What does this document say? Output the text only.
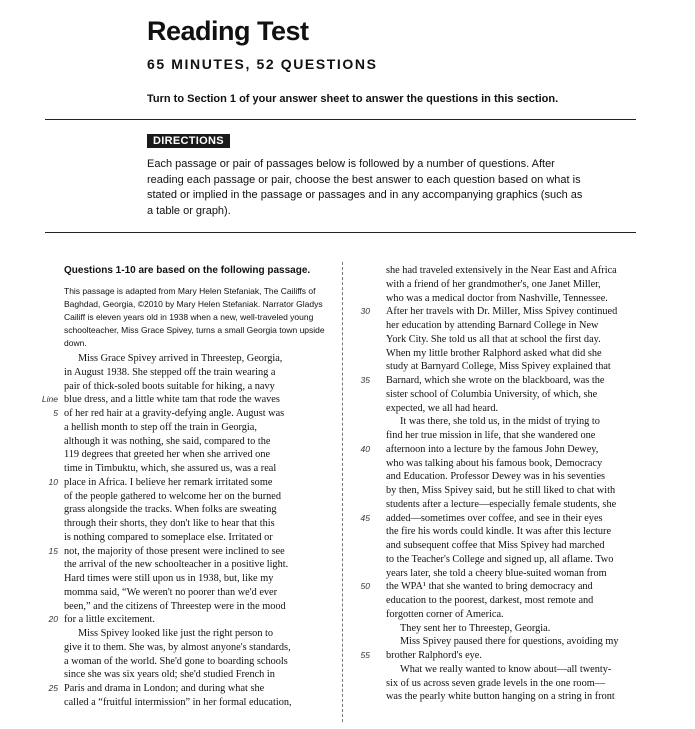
Reading Test
65 MINUTES, 52 QUESTIONS
Turn to Section 1 of your answer sheet to answer the questions in this section.
DIRECTIONS
Each passage or pair of passages below is followed by a number of questions. After reading each passage or pair, choose the best answer to each question based on what is stated or implied in the passage or passages and in any accompanying graphics (such as a table or graph).
Questions 1-10 are based on the following passage.
This passage is adapted from Mary Helen Stefaniak, The Cailiffs of Baghdad, Georgia, ©2010 by Mary Helen Stefaniak. Narrator Gladys Cailiff is eleven years old in 1938 when a new, well-traveled young schoolteacher, Miss Grace Spivey, turns a small Georgia town upside down.
Miss Grace Spivey arrived in Threestep, Georgia,
in August 1938. She stepped off the train wearing a
pair of thick-soled boots suitable for hiking, a navy
Line blue dress, and a little white tam that rode the waves
5 of her red hair at a gravity-defying angle. August was
a hellish month to step off the train in Georgia,
although it was nothing, she said, compared to the
119 degrees that greeted her when she arrived one
time in Timbuktu, which, she assured us, was a real
10 place in Africa. I believe her remark irritated some
of the people gathered to welcome her on the burned
grass alongside the tracks. When folks are sweating
through their shorts, they don't like to hear that this
is nothing compared to someplace else. Irritated or
15 not, the majority of those present were inclined to see
the arrival of the new schoolteacher in a positive light.
Hard times were still upon us in 1938, but, like my
momma said, “We weren't no poorer than we'd ever
been,” and the citizens of Threestep were in the mood
20 for a little excitement.
Miss Spivey looked like just the right person to
give it to them. She was, by almost anyone's standards,
a woman of the world. She'd gone to boarding schools
since she was six years old; she'd studied French in
25 Paris and drama in London; and during what she
called a “fruitful intermission” in her formal education,
she had traveled extensively in the Near East and Africa
with a friend of her grandmother's, one Janet Miller,
who was a medical doctor from Nashville, Tennessee.
30 After her travels with Dr. Miller, Miss Spivey continued
her education by attending Barnard College in New
York City. She told us all that at school the first day.
When my little brother Ralphord asked what did she
study at Barnyard College, Miss Spivey explained that
35 Barnard, which she wrote on the blackboard, was the
sister school of Columbia University, of which, she
expected, we all had heard.
It was there, she told us, in the midst of trying to
find her true mission in life, that she wandered one
40 afternoon into a lecture by the famous John Dewey,
who was talking about his famous book, Democracy
and Education. Professor Dewey was in his seventies
by then, Miss Spivey said, but he still liked to chat with
students after a lecture—especially female students, she
45 added—sometimes over coffee, and see in their eyes
the fire his words could kindle. It was after this lecture
and subsequent coffee that Miss Spivey had marched
to the Teacher's College and signed up, all aflame. Two
years later, she told a cheery blue-suited woman from
50 the WPA¹ that she wanted to bring democracy and
education to the poorest, darkest, most remote and
forgotten corner of America.
They sent her to Threestep, Georgia.
Miss Spivey paused there for questions, avoiding my
55 brother Ralphord's eye.
What we really wanted to know about—all twenty-
six of us across seven grade levels in the one room—
was the pearly white button hanging on a string in front
